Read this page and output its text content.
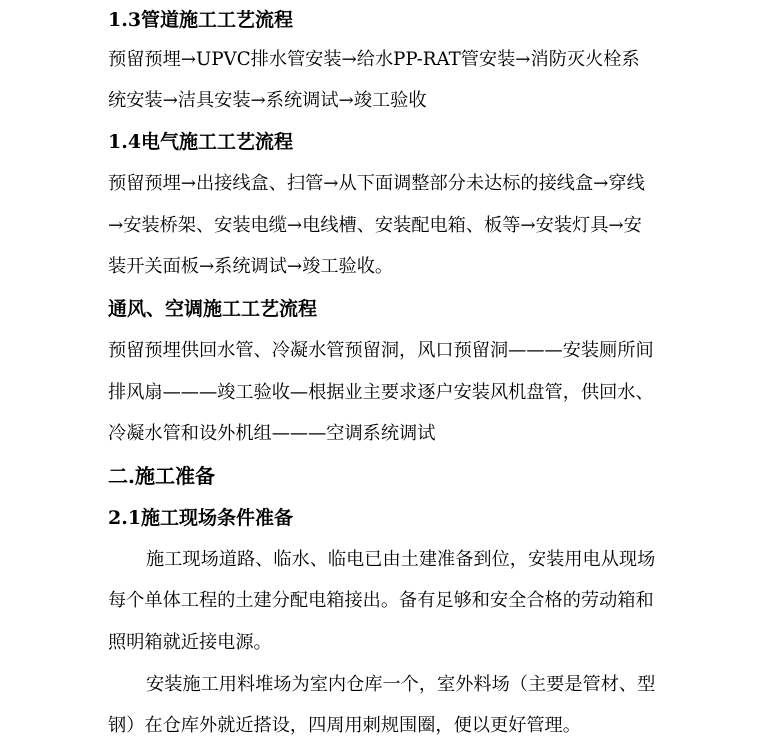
1.3管道施工工艺流程
预留预埋→UPVC排水管安装→给水PP-RAT管安装→消防灭火栓系
统安装→洁具安装→系统调试→竣工验收
1.4电气施工工艺流程
预留预埋→出接线盒、扫管→从下面调整部分未达标的接线盒→穿线
→安装桥架、安装电缆→电线槽、安装配电箱、板等→安装灯具→安
装开关面板→系统调试→竣工验收。
通风、空调施工工艺流程
预留预埋供回水管、冷凝水管预留洞，风口预留洞———安装厕所间
排风扇———竣工验收—根据业主要求逐户安装风机盘管，供回水、
冷凝水管和设外机组———空调系统调试
二.施工准备
2.1施工现场条件准备
施工现场道路、临水、临电已由土建准备到位，安装用电从现场
每个单体工程的土建分配电箱接出。备有足够和安全合格的劳动箱和
照明箱就近接电源。
安装施工用料堆场为室内仓库一个，室外料场（主要是管材、型
钢）在仓库外就近搭设，四周用刺规围圈，便以更好管理。
